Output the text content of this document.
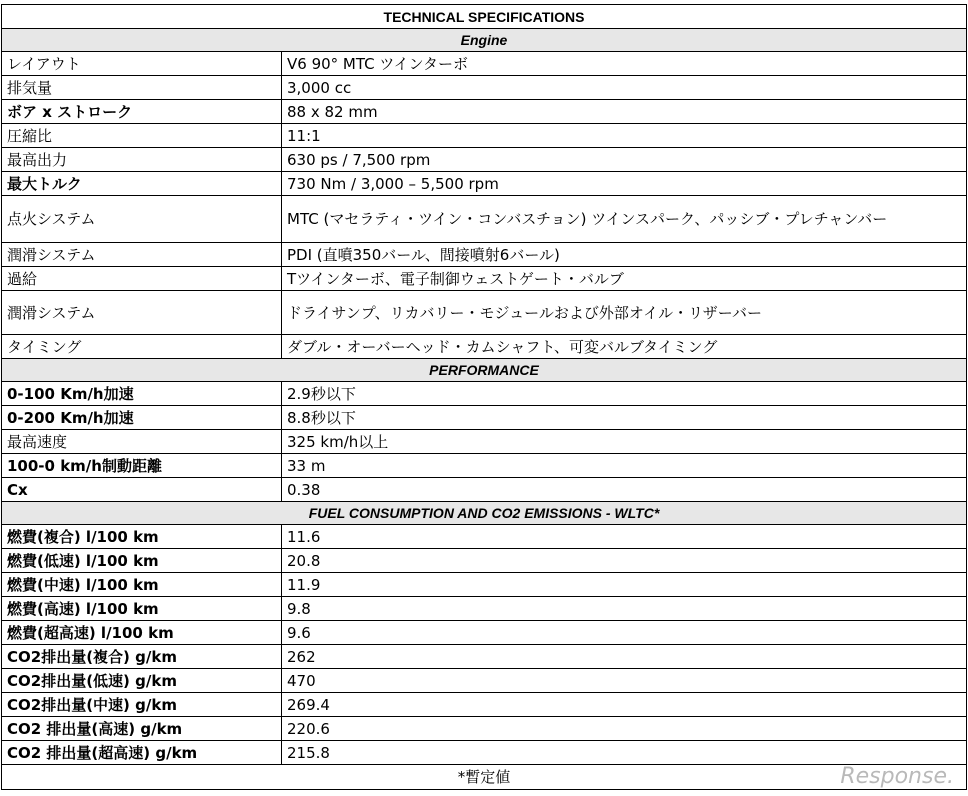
TECHNICAL SPECIFICATIONS	
Engine	
レイアウト	V6 90° MTC ツインターボ
排気量	3,000 cc
ボア x ストローク	88 x 82 mm
圧縮比	11:1
最高出力	630 ps / 7,500 rpm
最大トルク	730 Nm / 3,000 – 5,500 rpm
点火システム	MTC (マセラティ・ツイン・コンバスチョン) ツインスパーク、パッシブ・プレチャンバー
潤滑システム	PDI (直噴350バール、間接噴射6バール)
過給	Tツインターボ、電子制御ウェストゲート・バルブ
潤滑システム	ドライサンプ、リカバリー・モジュールおよび外部オイル・リザーバー
タイミング	ダブル・オーバーヘッド・カムシャフト、可変バルブタイミング
PERFORMANCE	
0-100 Km/h加速	2.9秒以下
0-200 Km/h加速	8.8秒以下
最高速度	325 km/h以上
100-0 km/h制動距離	33 m
Cx	0.38
FUEL CONSUMPTION AND CO2 EMISSIONS - WLTC*	
燃費(複合) l/100 km	11.6
燃費(低速) l/100 km	20.8
燃費(中速) l/100 km	11.9
燃費(高速) l/100 km	9.8
燃費(超高速) l/100 km	9.6
CO2排出量(複合) g/km	262
CO2排出量(低速) g/km	470
CO2排出量(中速) g/km	269.4
CO2 排出量(高速) g/km	220.6
CO2 排出量(超高速) g/km	215.8
*暫定値		Response.
